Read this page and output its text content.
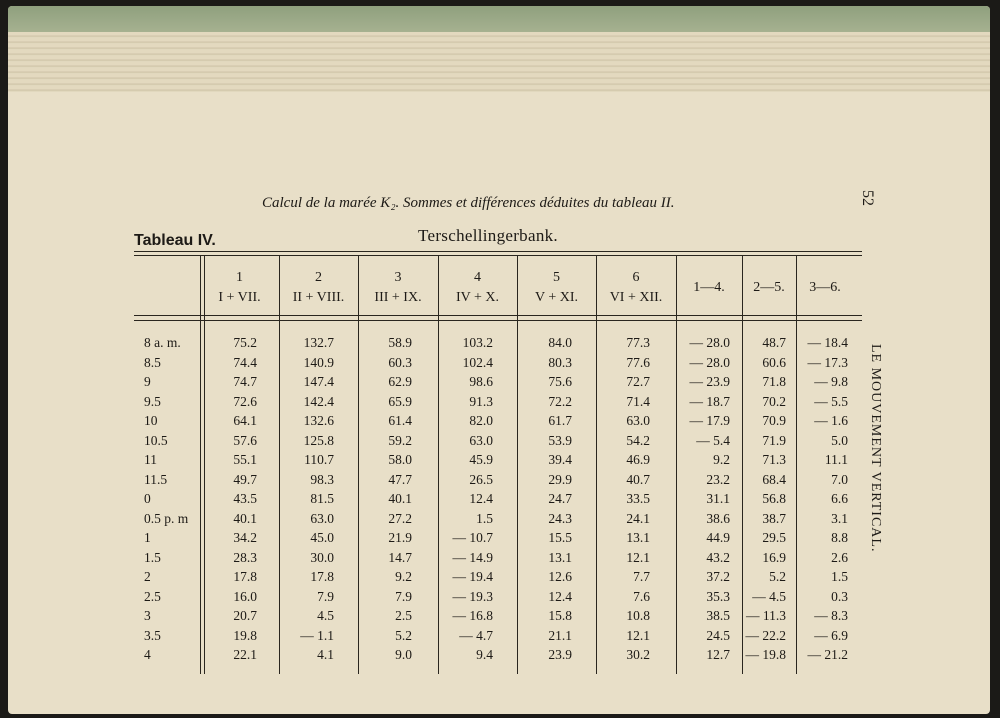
52
LE MOUVEMENT VERTICAL.
Calcul de la marée K₂. Sommes et différences déduites du tableau II.
Tableau IV.	Terschellingerbank.
1
I + VII.
2
II + VIII.
3
III + IX.
4
IV + X.
5
V + XI.
6
VI + XII.
1—4. 2—5. 3—6.
8 a. m.
8.5
9
9.5
10
10.5
11
11.5
0
0.5 p. m
1
1.5
2
2.5
3
3.5
4
75.2
74.4
74.7
72.6
64.1
57.6
55.1
49.7
43.5
40.1
34.2
28.3
17.8
16.0
20.7
19.8
22.1
132.7
140.9
147.4
142.4
132.6
125.8
110.7
98.3
81.5
63.0
45.0
30.0
17.8
7.9
4.5
— 1.1
4.1
58.9
60.3
62.9
65.9
61.4
59.2
58.0
47.7
40.1
27.2
21.9
14.7
9.2
7.9
2.5
5.2
9.0
103.2
102.4
98.6
91.3
82.0
63.0
45.9
26.5
12.4
1.5
— 10.7
— 14.9
— 19.4
— 19.3
— 16.8
— 4.7
9.4
84.0
80.3
75.6
72.2
61.7
53.9
39.4
29.9
24.7
24.3
15.5
13.1
12.6
12.4
15.8
21.1
23.9
77.3
77.6
72.7
71.4
63.0
54.2
46.9
40.7
33.5
24.1
13.1
12.1
7.7
7.6
10.8
12.1
30.2
— 28.0
— 28.0
— 23.9
— 18.7
— 17.9
— 5.4
9.2
23.2
31.1
38.6
44.9
43.2
37.2
35.3
38.5
24.5
12.7
48.7
60.6
71.8
70.2
70.9
71.9
71.3
68.4
56.8
38.7
29.5
16.9
5.2
— 4.5
— 11.3
— 22.2
— 19.8
— 18.4
— 17.3
— 9.8
— 5.5
— 1.6
5.0
11.1
7.0
6.6
3.1
8.8
2.6
1.5
0.3
— 8.3
— 6.9
— 21.2
